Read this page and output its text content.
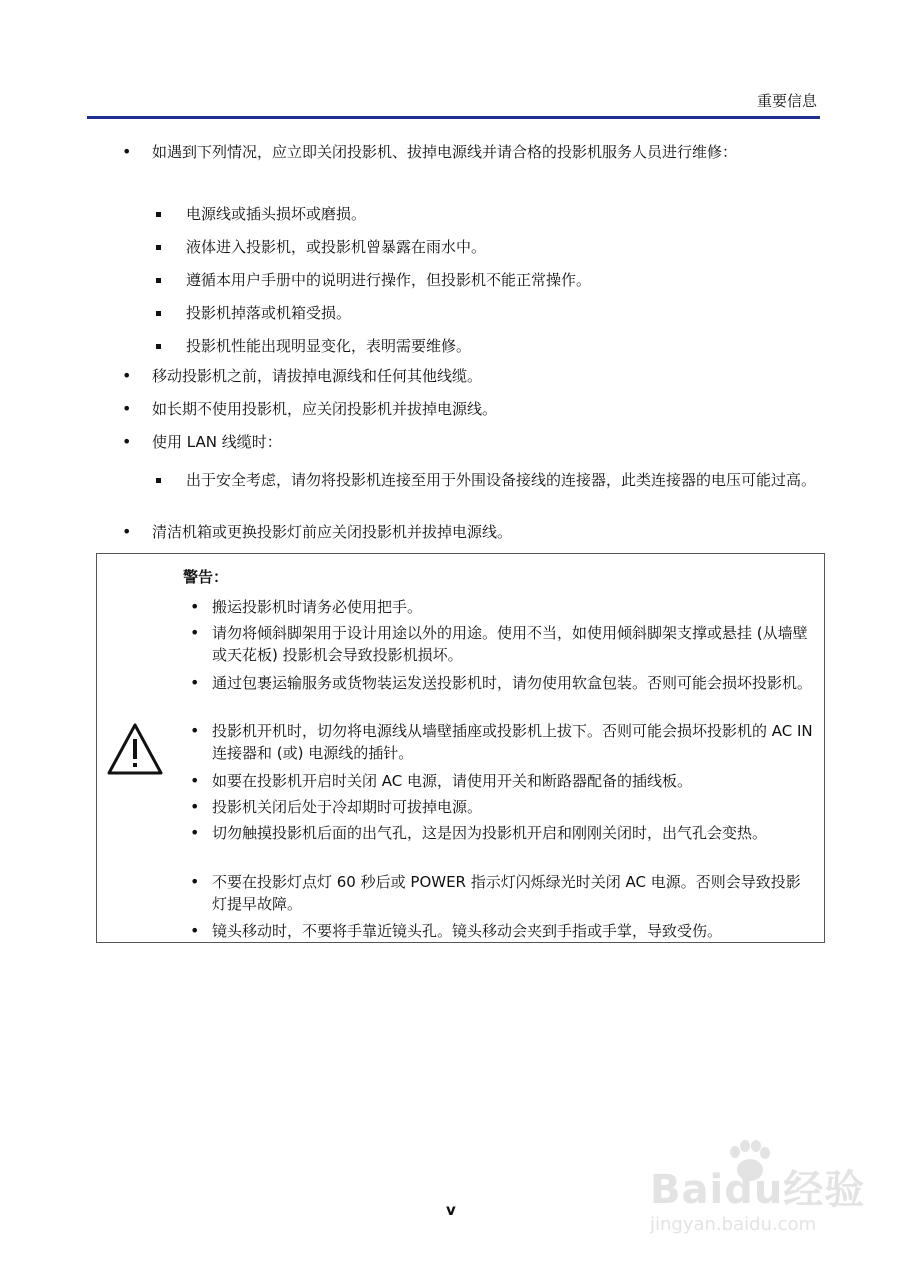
重要信息
• 如遇到下列情况，应立即关闭投影机、拔掉电源线并请合格的投影机服务人员进行维修：
电源线或插头损坏或磨损。
液体进入投影机，或投影机曾暴露在雨水中。
遵循本用户手册中的说明进行操作，但投影机不能正常操作。
投影机掉落或机箱受损。
投影机性能出现明显变化，表明需要维修。
• 移动投影机之前，请拔掉电源线和任何其他线缆。
• 如长期不使用投影机，应关闭投影机并拔掉电源线。
• 使用 LAN 线缆时：
出于安全考虑，请勿将投影机连接至用于外围设备接线的连接器，此类连接器的电压可能过高。
• 清洁机箱或更换投影灯前应关闭投影机并拔掉电源线。
警告：
• 搬运投影机时请务必使用把手。
• 请勿将倾斜脚架用于设计用途以外的用途。使用不当，如使用倾斜脚架支撑或悬挂 (从墙壁或天花板) 投影机会导致投影机损坏。
• 通过包裹运输服务或货物装运发送投影机时，请勿使用软盒包装。否则可能会损坏投影机。
• 投影机开机时，切勿将电源线从墙壁插座或投影机上拔下。否则可能会损坏投影机的 AC IN 连接器和 (或) 电源线的插针。
• 如要在投影机开启时关闭 AC 电源，请使用开关和断路器配备的插线板。
• 投影机关闭后处于冷却期时可拔掉电源。
• 切勿触摸投影机后面的出气孔，这是因为投影机开启和刚刚关闭时，出气孔会变热。
• 不要在投影灯点灯 60 秒后或 POWER 指示灯闪烁绿光时关闭 AC 电源。否则会导致投影灯提早故障。
• 镜头移动时，不要将手靠近镜头孔。镜头移动会夹到手指或手掌，导致受伤。
v	Baidu经验
jingyan.baidu.com
